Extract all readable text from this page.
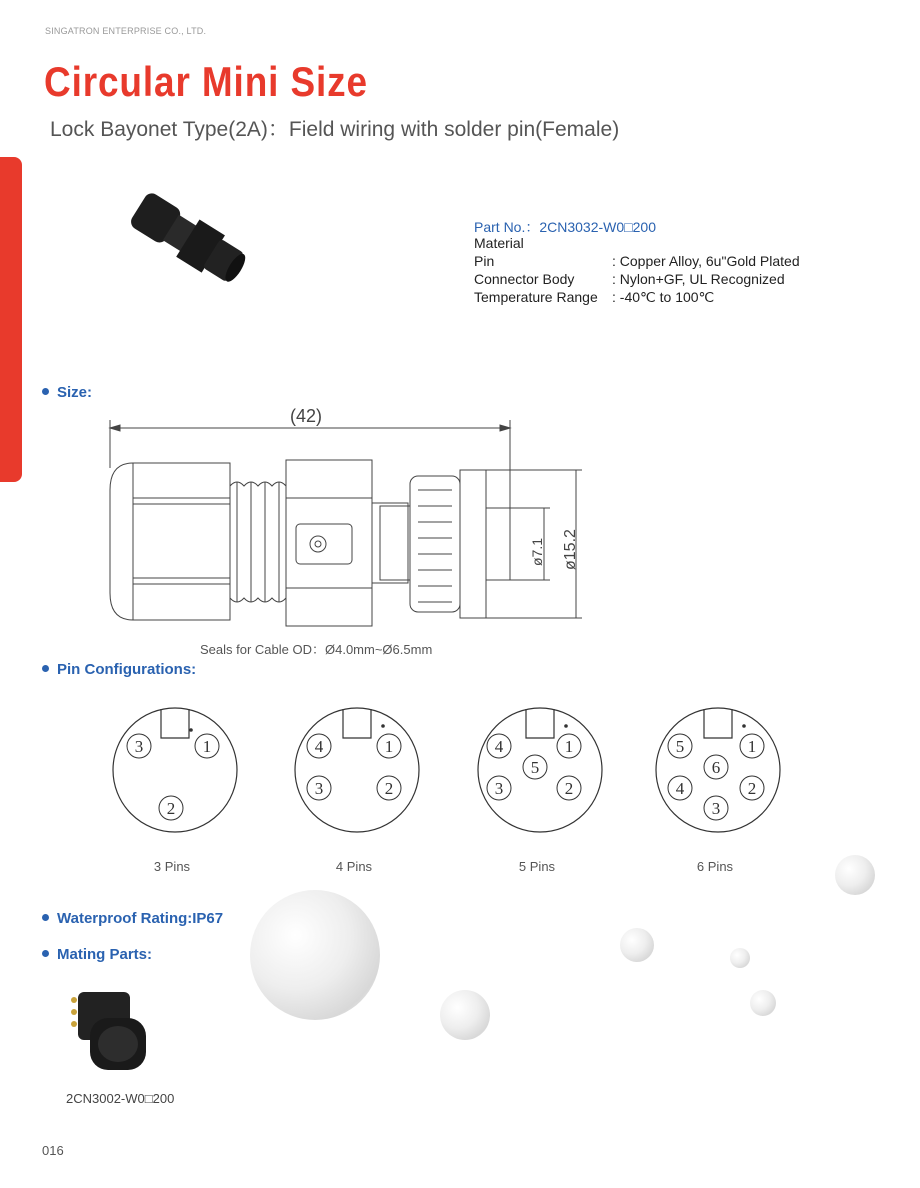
SINGATRON ENTERPRISE CO., LTD.
Circular Mini Size
Lock Bayonet Type(2A)：Field wiring with solder pin(Female)
Part No.：2CN3032-W0□200
Material
Pin	: Copper Alloy, 6u"Gold Plated
Connector Body	: Nylon+GF, UL Recognized
Temperature Range : -40℃ to 100℃
Size:
ø7.1 ø15.2
(42)
Seals for Cable OD：Ø4.0mm~Ø6.5mm
Pin Configurations:
3	1
2
3 Pins
4	1
3	2
4 Pins
4	1
5
3	2
5 Pins
5	1
6
4	2
3
6 Pins
Waterproof Rating:IP67
Mating Parts:
2CN3002-W0□200
016
